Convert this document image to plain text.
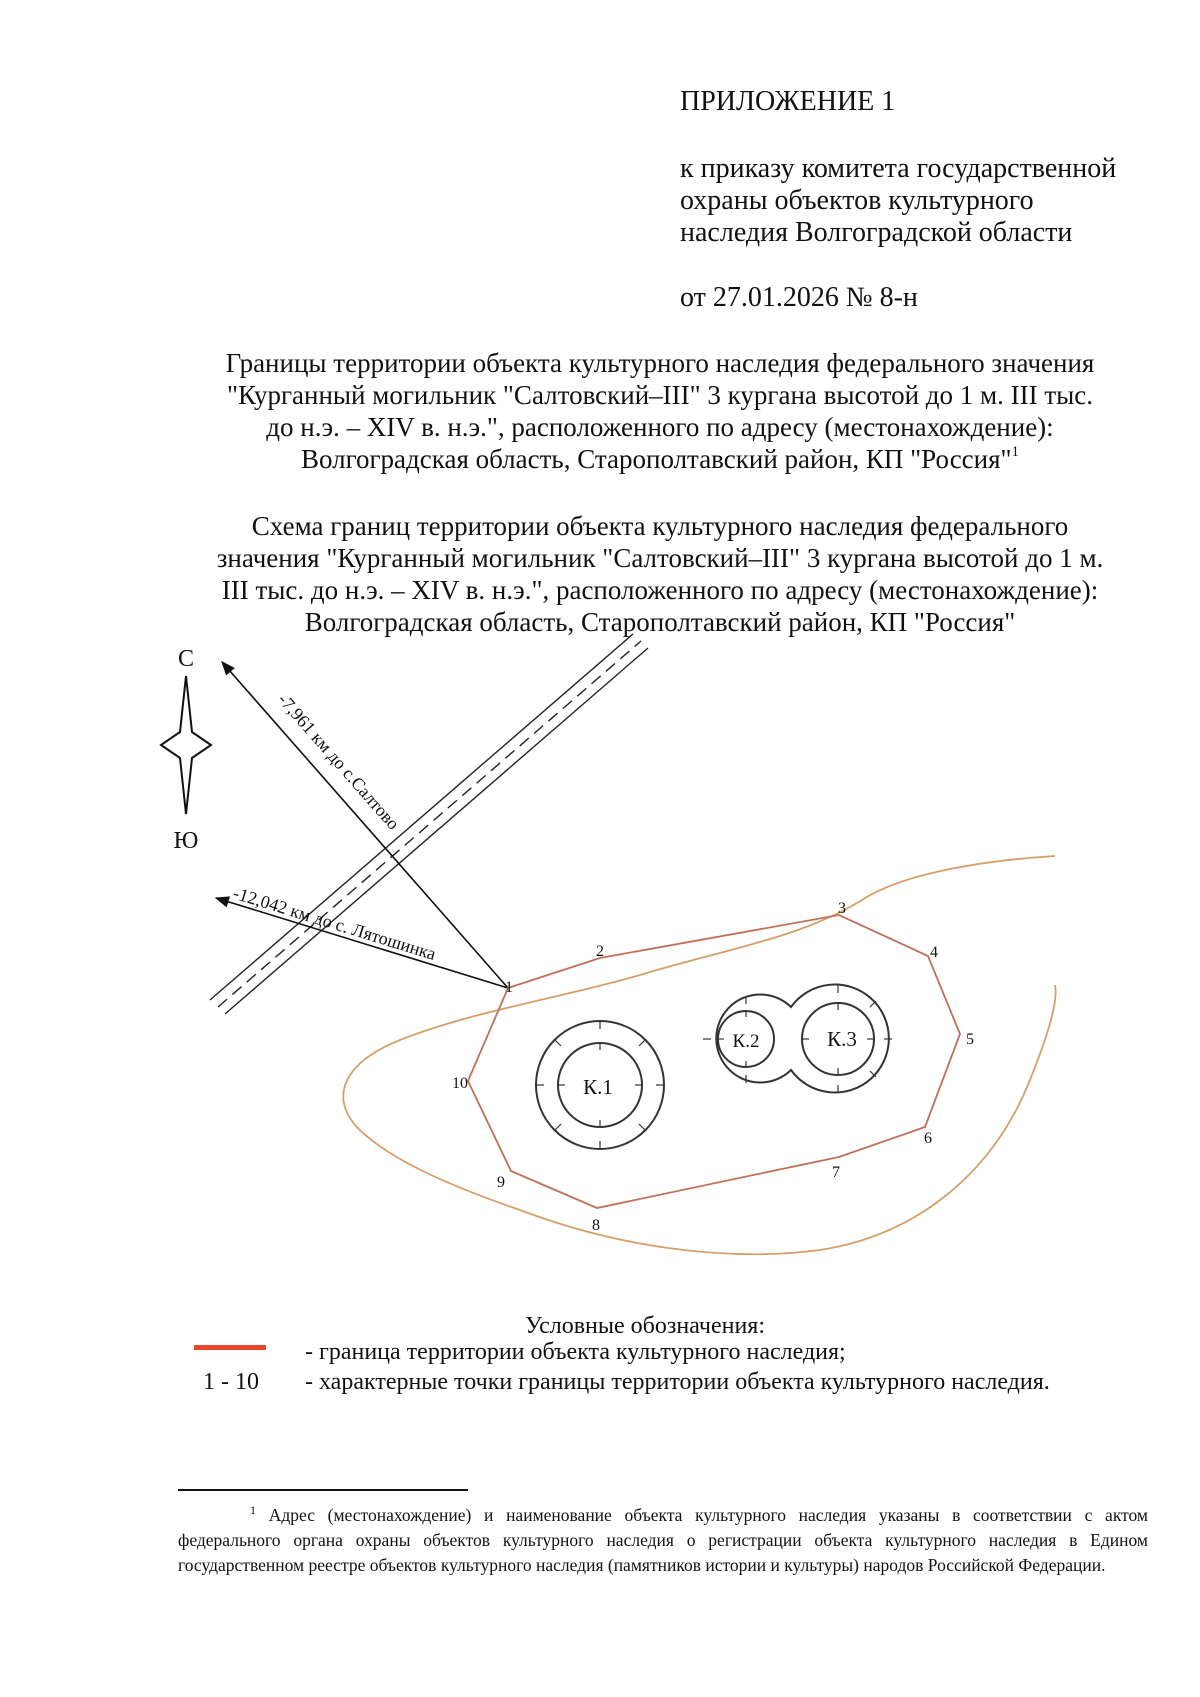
ПРИЛОЖЕНИЕ 1
к приказу комитета государственной
охраны объектов культурного
наследия Волгоградской области
от 27.01.2026 № 8-н
Границы территории объекта культурного наследия федерального значения
"Курганный могильник "Салтовский–III" 3 кургана высотой до 1 м. III тыс.
до н.э. – XIV в. н.э.", расположенного по адресу (местонахождение):
Волгоградская область, Старополтавский район, КП "Россия"$^1$
Схема границ территории объекта культурного наследия федерального
значения "Курганный могильник "Салтовский–III" 3 кургана высотой до 1 м.
III тыс. до н.э. – XIV в. н.э.", расположенного по адресу (местонахождение):
Волгоградская область, Старополтавский район, КП "Россия"
С
Ю
-7,961 км до с.Салтово
-12,042 км до с. Лятошинка
К.1
К.2	К.3
1
2
3
4
5
6
7
8
9
10
Условные обозначения:
- граница территории объекта культурного наследия;
1 - 10 - характерные точки границы территории объекта культурного наследия.
$^1$ Адрес (местонахождение) и наименование объекта культурного наследия указаны в соответствии с актом федерального органа охраны объектов культурного наследия о регистрации объекта культурного наследия в Едином государственном реестре объектов культурного наследия (памятников истории и культуры) народов Российской Федерации.
